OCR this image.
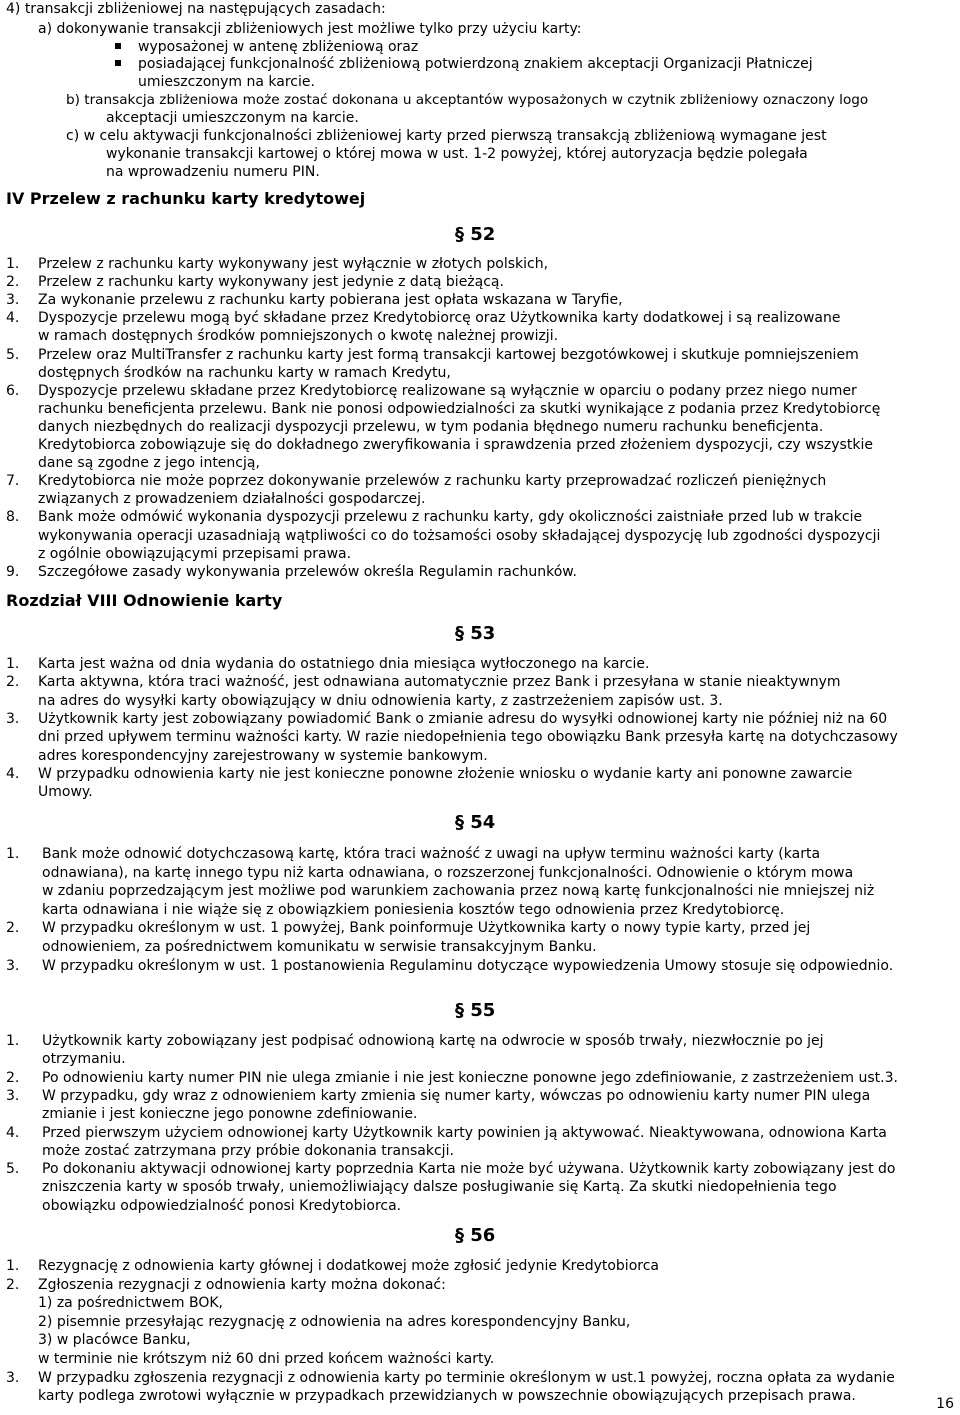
4) transakcji zbliżeniowej na następujących zasadach:
a) dokonywanie transakcji zbliżeniowych jest możliwe tylko przy użyciu karty:
wyposażonej w antenę zbliżeniową oraz
posiadającej funkcjonalność zbliżeniową potwierdzoną znakiem akceptacji Organizacji Płatniczej
umieszczonym na karcie.
b) transakcja zbliżeniowa może zostać dokonana u akceptantów wyposażonych w czytnik zbliżeniowy oznaczony logo
akceptacji umieszczonym na karcie.
c) w celu aktywacji funkcjonalności zbliżeniowej karty przed pierwszą transakcją zbliżeniową wymagane jest
wykonanie transakcji kartowej o której mowa w ust. 1-2 powyżej, której autoryzacja będzie polegała
na wprowadzeniu numeru PIN.
IV Przelew z rachunku karty kredytowej
§ 52
1. Przelew z rachunku karty wykonywany jest wyłącznie w złotych polskich,
2. Przelew z rachunku karty wykonywany jest jedynie z datą bieżącą.
3. Za wykonanie przelewu z rachunku karty pobierana jest opłata wskazana w Taryfie,
4. Dyspozycje przelewu mogą być składane przez Kredytobiorcę oraz Użytkownika karty dodatkowej i są realizowane
w ramach dostępnych środków pomniejszonych o kwotę należnej prowizji.
5. Przelew oraz MultiTransfer z rachunku karty jest formą transakcji kartowej bezgotówkowej i skutkuje pomniejszeniem
dostępnych środków na rachunku karty w ramach Kredytu,
6. Dyspozycje przelewu składane przez Kredytobiorcę realizowane są wyłącznie w oparciu o podany przez niego numer
rachunku beneficjenta przelewu. Bank nie ponosi odpowiedzialności za skutki wynikające z podania przez Kredytobiorcę
danych niezbędnych do realizacji dyspozycji przelewu, w tym podania błędnego numeru rachunku beneficjenta.
Kredytobiorca zobowiązuje się do dokładnego zweryfikowania i sprawdzenia przed złożeniem dyspozycji, czy wszystkie
dane są zgodne z jego intencją,
7. Kredytobiorca nie może poprzez dokonywanie przelewów z rachunku karty przeprowadzać rozliczeń pieniężnych
związanych z prowadzeniem działalności gospodarczej.
8. Bank może odmówić wykonania dyspozycji przelewu z rachunku karty, gdy okoliczności zaistniałe przed lub w trakcie
wykonywania operacji uzasadniają wątpliwości co do tożsamości osoby składającej dyspozycję lub zgodności dyspozycji
z ogólnie obowiązującymi przepisami prawa.
9. Szczegółowe zasady wykonywania przelewów określa Regulamin rachunków.
Rozdział VIII Odnowienie karty
§ 53
1. Karta jest ważna od dnia wydania do ostatniego dnia miesiąca wytłoczonego na karcie.
2. Karta aktywna, która traci ważność, jest odnawiana automatycznie przez Bank i przesyłana w stanie nieaktywnym
na adres do wysyłki karty obowiązujący w dniu odnowienia karty, z zastrzeżeniem zapisów ust. 3.
3. Użytkownik karty jest zobowiązany powiadomić Bank o zmianie adresu do wysyłki odnowionej karty nie później niż na 60
dni przed upływem terminu ważności karty. W razie niedopełnienia tego obowiązku Bank przesyła kartę na dotychczasowy
adres korespondencyjny zarejestrowany w systemie bankowym.
4. W przypadku odnowienia karty nie jest konieczne ponowne złożenie wniosku o wydanie karty ani ponowne zawarcie
Umowy.
§ 54
1. Bank może odnowić dotychczasową kartę, która traci ważność z uwagi na upływ terminu ważności karty (karta
odnawiana), na kartę innego typu niż karta odnawiana, o rozszerzonej funkcjonalności. Odnowienie o którym mowa
w zdaniu poprzedzającym jest możliwe pod warunkiem zachowania przez nową kartę funkcjonalności nie mniejszej niż
karta odnawiana i nie wiąże się z obowiązkiem poniesienia kosztów tego odnowienia przez Kredytobiorcę.
2. W przypadku określonym w ust. 1 powyżej, Bank poinformuje Użytkownika karty o nowy typie karty, przed jej
odnowieniem, za pośrednictwem komunikatu w serwisie transakcyjnym Banku.
3. W przypadku określonym w ust. 1 postanowienia Regulaminu dotyczące wypowiedzenia Umowy stosuje się odpowiednio.
§ 55
1. Użytkownik karty zobowiązany jest podpisać odnowioną kartę na odwrocie w sposób trwały, niezwłocznie po jej
otrzymaniu.
2. Po odnowieniu karty numer PIN nie ulega zmianie i nie jest konieczne ponowne jego zdefiniowanie, z zastrzeżeniem ust.3.
3. W przypadku, gdy wraz z odnowieniem karty zmienia się numer karty, wówczas po odnowieniu karty numer PIN ulega
zmianie i jest konieczne jego ponowne zdefiniowanie.
4. Przed pierwszym użyciem odnowionej karty Użytkownik karty powinien ją aktywować. Nieaktywowana, odnowiona Karta
może zostać zatrzymana przy próbie dokonania transakcji.
5. Po dokonaniu aktywacji odnowionej karty poprzednia Karta nie może być używana. Użytkownik karty zobowiązany jest do
zniszczenia karty w sposób trwały, uniemożliwiający dalsze posługiwanie się Kartą. Za skutki niedopełnienia tego
obowiązku odpowiedzialność ponosi Kredytobiorca.
§ 56
1. Rezygnację z odnowienia karty głównej i dodatkowej może zgłosić jedynie Kredytobiorca
2. Zgłoszenia rezygnacji z odnowienia karty można dokonać:
1) za pośrednictwem BOK,
2) pisemnie przesyłając rezygnację z odnowienia na adres korespondencyjny Banku,
3) w placówce Banku,
w terminie nie krótszym niż 60 dni przed końcem ważności karty.
3. W przypadku zgłoszenia rezygnacji z odnowienia karty po terminie określonym w ust.1 powyżej, roczna opłata za wydanie
karty podlega zwrotowi wyłącznie w przypadkach przewidzianych w powszechnie obowiązujących przepisach prawa.	16
